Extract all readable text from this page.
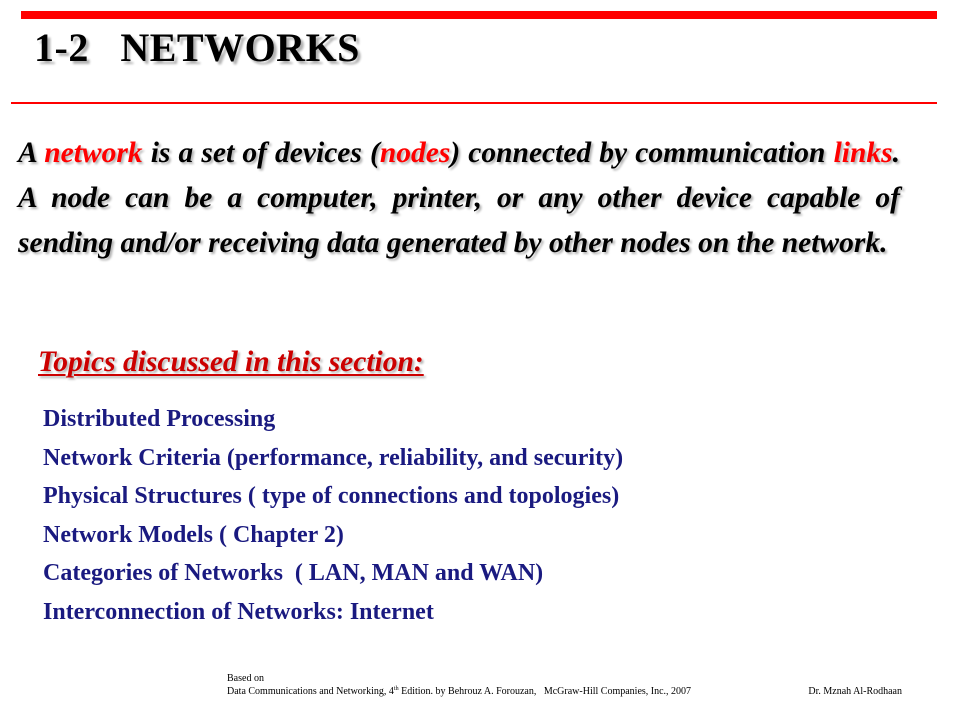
1-2   NETWORKS

A network is a set of devices (nodes) connected by communication links. A node can be a computer, printer, or any other device capable of sending and/or receiving data generated by other nodes on the network.

Topics discussed in this section:
Distributed Processing
Network Criteria (performance, reliability, and security)
Physical Structures ( type of connections and topologies)
Network Models ( Chapter 2)
Categories of Networks  ( LAN, MAN and WAN)
Interconnection of Networks: Internet
Based on
Data Communications and Networking, 4th Edition. by Behrouz A. Forouzan,   McGraw-Hill Companies, Inc., 2007	Dr. Mznah Al-Rodhaan
